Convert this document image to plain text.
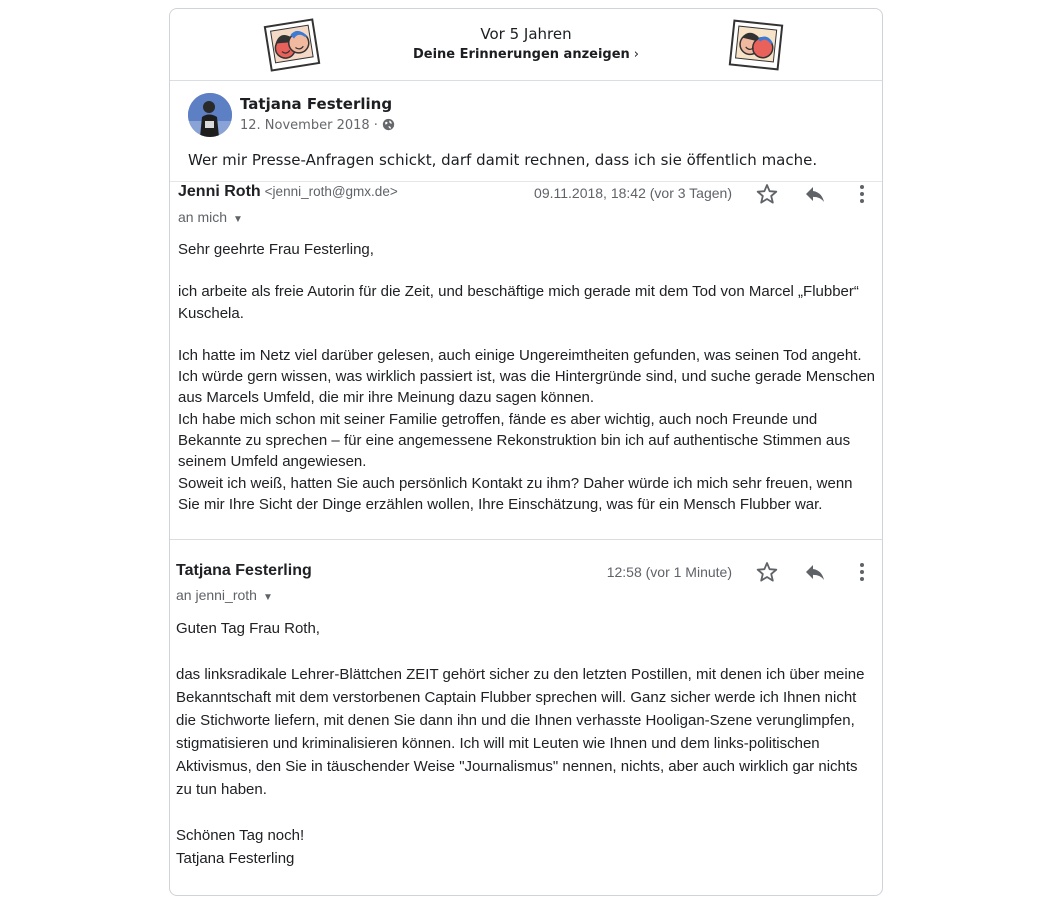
Vor 5 Jahren
Deine Erinnerungen anzeigen ›
Tatjana Festerling
12. November 2018 ·
Wer mir Presse-Anfragen schickt, darf damit rechnen, dass ich sie öffentlich mache.
Jenni Roth <jenni_roth@gmx.de>	09.11.2018, 18:42 (vor 3 Tagen)
an mich ▼

Sehr geehrte Frau Festerling,

ich arbeite als freie Autorin für die Zeit, und beschäftige mich gerade mit dem Tod von Marcel „Flubber“ Kuschela.

Ich hatte im Netz viel darüber gelesen, auch einige Ungereimtheiten gefunden, was seinen Tod angeht. Ich würde gern wissen, was wirklich passiert ist, was die Hintergründe sind, und suche gerade Menschen aus Marcels Umfeld, die mir ihre Meinung dazu sagen können.

Ich habe mich schon mit seiner Familie getroffen, fände es aber wichtig, auch noch Freunde und Bekannte zu sprechen – für eine angemessene Rekonstruktion bin ich auf authentische Stimmen aus seinem Umfeld angewiesen.

Soweit ich weiß, hatten Sie auch persönlich Kontakt zu ihm? Daher würde ich mich sehr freuen, wenn Sie mir Ihre Sicht der Dinge erzählen wollen, Ihre Einschätzung, was für ein Mensch Flubber war.

Tatjana Festerling	12:58 (vor 1 Minute)
an jenni_roth ▼

Guten Tag Frau Roth,

das linksradikale Lehrer-Blättchen ZEIT gehört sicher zu den letzten Postillen, mit denen ich über meine Bekanntschaft mit dem verstorbenen Captain Flubber sprechen will. Ganz sicher werde ich Ihnen nicht die Stichworte liefern, mit denen Sie dann ihn und die Ihnen verhasste Hooligan-Szene verunglimpfen, stigmatisieren und kriminalisieren können. Ich will mit Leuten wie Ihnen und dem links-politischen Aktivismus, den Sie in täuschender Weise "Journalismus" nennen, nichts, aber auch wirklich gar nichts zu tun haben.

Schönen Tag noch!

Tatjana Festerling
